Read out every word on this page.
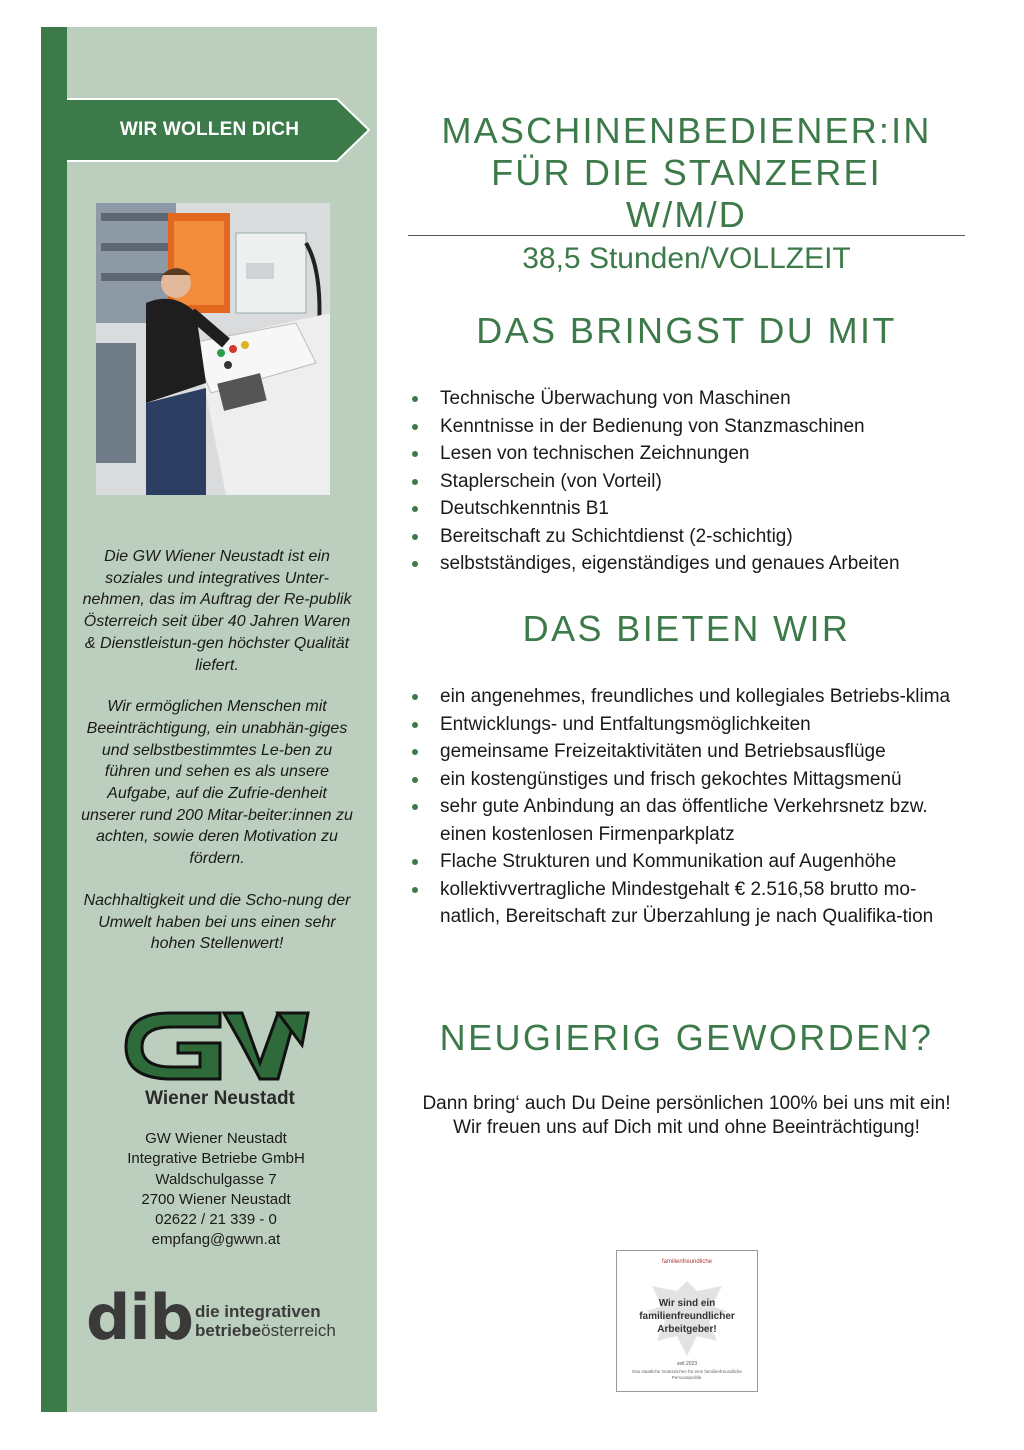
WIR WOLLEN DICH

Die GW Wiener Neustadt ist ein soziales und integratives Unter-nehmen, das im Auftrag der Re-publik Österreich seit über 40 Jahren Waren & Dienstleistun-gen höchster Qualität liefert.

Wir ermöglichen Menschen mit Beeinträchtigung, ein unabhän-giges und selbstbestimmtes Le-ben zu führen und sehen es als unsere Aufgabe, auf die Zufrie-denheit unserer rund 200 Mitar-beiter:innen zu achten, sowie deren Motivation zu fördern.

Nachhaltigkeit und die Scho-nung der Umwelt haben bei uns einen sehr hohen Stellenwert!

Wiener Neustadt
GW Wiener Neustadt
Integrative Betriebe GmbH
Waldschulgasse 7
2700 Wiener Neustadt
02622 / 21 339 - 0
empfang@gwwn.at
dib die integrativen
betriebeösterreich
MASCHINENBEDIENER:IN
FÜR DIE STANZEREI
W/M/D
38,5 Stunden/VOLLZEIT
DAS BRINGST DU MIT
Technische Überwachung von Maschinen
Kenntnisse in der Bedienung von Stanzmaschinen
Lesen von technischen Zeichnungen
Staplerschein (von Vorteil)
Deutschkenntnis B1
Bereitschaft zu Schichtdienst (2-schichtig)
selbstständiges, eigenständiges und genaues Arbeiten
DAS BIETEN WIR
ein angenehmes, freundliches und kollegiales Betriebs-klima
Entwicklungs- und Entfaltungsmöglichkeiten
gemeinsame Freizeitaktivitäten und Betriebsausflüge
ein kostengünstiges und frisch gekochtes Mittagsmenü
sehr gute Anbindung an das öffentliche Verkehrsnetz bzw. einen kostenlosen Firmenparkplatz
Flache Strukturen und Kommunikation auf Augenhöhe
kollektivvertragliche Mindestgehalt € 2.516,58 brutto mo-natlich, Bereitschaft zur Überzahlung je nach Qualifika-tion
NEUGIERIG GEWORDEN?
Dann bring‘ auch Du Deine persönlichen 100% bei uns mit ein!
Wir freuen uns auf Dich mit und ohne Beeinträchtigung!
familienfreundliche
Wir sind ein
familienfreundlicher
Arbeitgeber!
seit 2023
Das staatliche Gütezeichen für eine familienfreundliche Personalpolitik.
